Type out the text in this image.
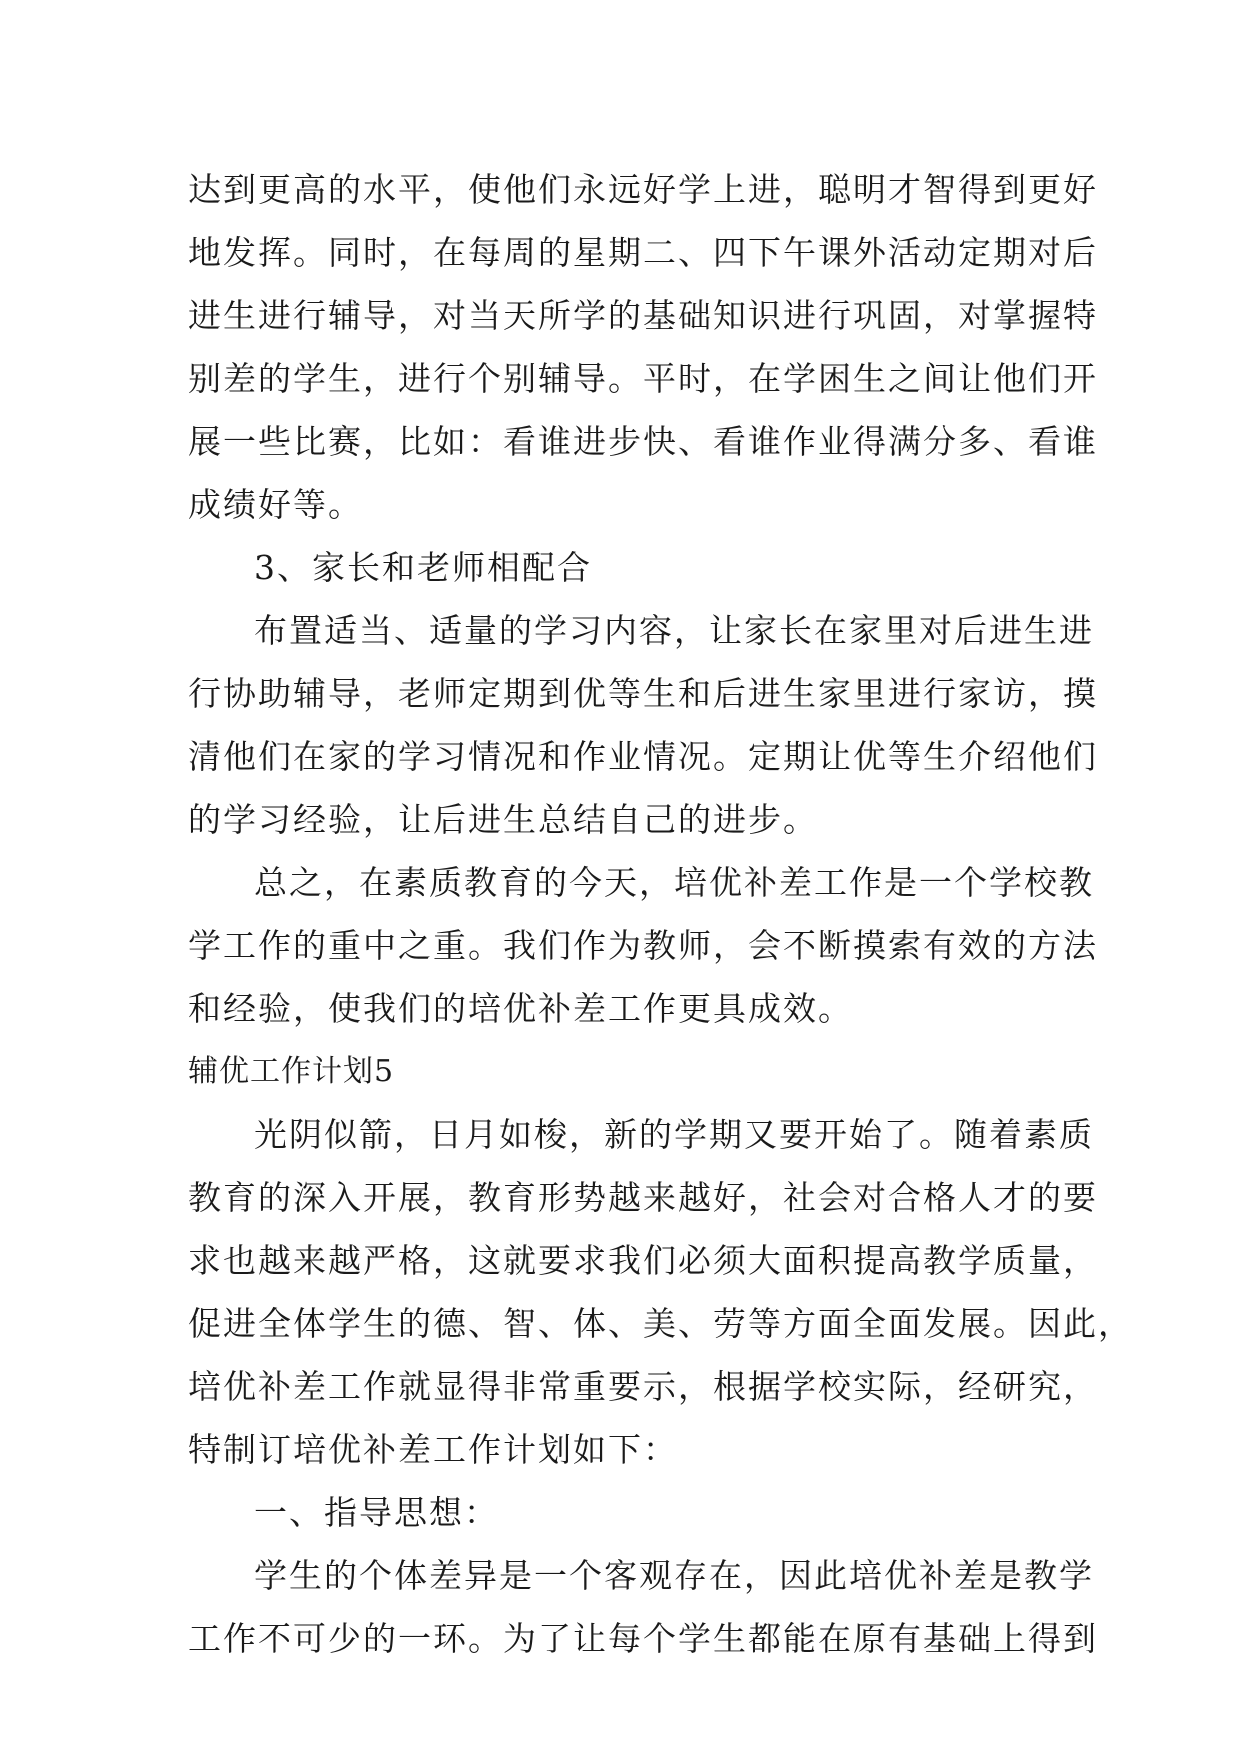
达到更高的水平，使他们永远好学上进，聪明才智得到更好
地发挥。同时，在每周的星期二、四下午课外活动定期对后
进生进行辅导，对当天所学的基础知识进行巩固，对掌握特
别差的学生，进行个别辅导。平时，在学困生之间让他们开
展一些比赛，比如：看谁进步快、看谁作业得满分多、看谁
成绩好等。
3、家长和老师相配合
布置适当、适量的学习内容，让家长在家里对后进生进
行协助辅导，老师定期到优等生和后进生家里进行家访，摸
清他们在家的学习情况和作业情况。定期让优等生介绍他们
的学习经验，让后进生总结自己的进步。
总之，在素质教育的今天，培优补差工作是一个学校教
学工作的重中之重。我们作为教师，会不断摸索有效的方法
和经验，使我们的培优补差工作更具成效。
辅优工作计划5
光阴似箭，日月如梭，新的学期又要开始了。随着素质
教育的深入开展，教育形势越来越好，社会对合格人才的要
求也越来越严格，这就要求我们必须大面积提高教学质量，
促进全体学生的德、智、体、美、劳等方面全面发展。因此，
培优补差工作就显得非常重要示，根据学校实际，经研究，
特制订培优补差工作计划如下：
一、指导思想：
学生的个体差异是一个客观存在，因此培优补差是教学
工作不可少的一环。为了让每个学生都能在原有基础上得到
